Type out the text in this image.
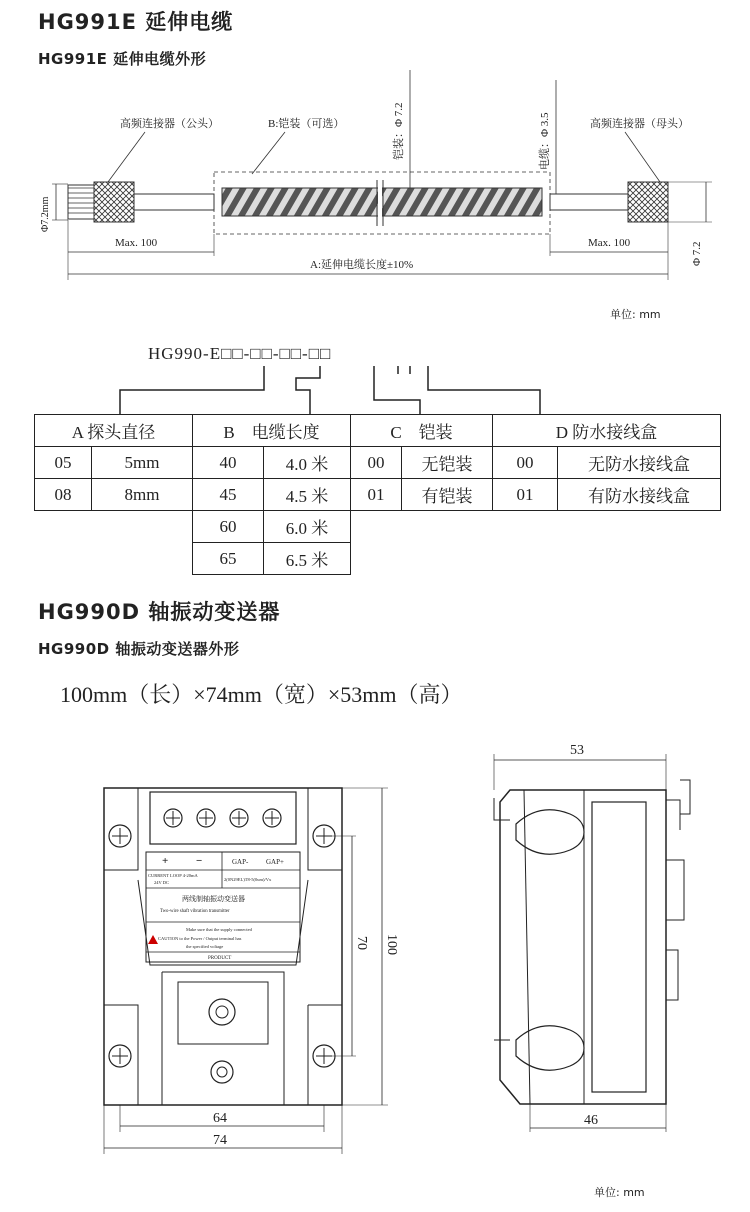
HG991E 延伸电缆
HG991E 延伸电缆外形
高频连接器（公头）	B:铠装（可选）	高频连接器（母头）
铠装：Φ 7.2	电缆：Φ 3.5
Φ7.2mm
Φ 7.2
Max. 100	Max. 100
A:延伸电缆长度±10%
单位: mm
HG990-E□□-□□-□□-□□
A 探头直径		B　电缆长度		C　铠装		D 防水接线盒	
05	5mm	40	4.0 米	00	无铠装	00	无防水接线盒
08	8mm	45	4.5 米	01	有铠装	01	有防水接线盒
		60	6.0 米				
		65	6.5 米				
HG990D 轴振动变送器
HG990D 轴振动变送器外形
100mm（长）×74mm（宽）×53mm（高）
+	−	GAP-	GAP+
CURRENT LOOP 4-20mA
24V DC
2(0N29EL)T8-5(0um)/Vx
两线制轴振动变送器
Two-wire shaft vibration transmitter
Make sure that the supply connected
CAUTION to the Power / Output terminal has
the specified voltage
PRODUCT
64
74
70 100
53
46
单位: mm
